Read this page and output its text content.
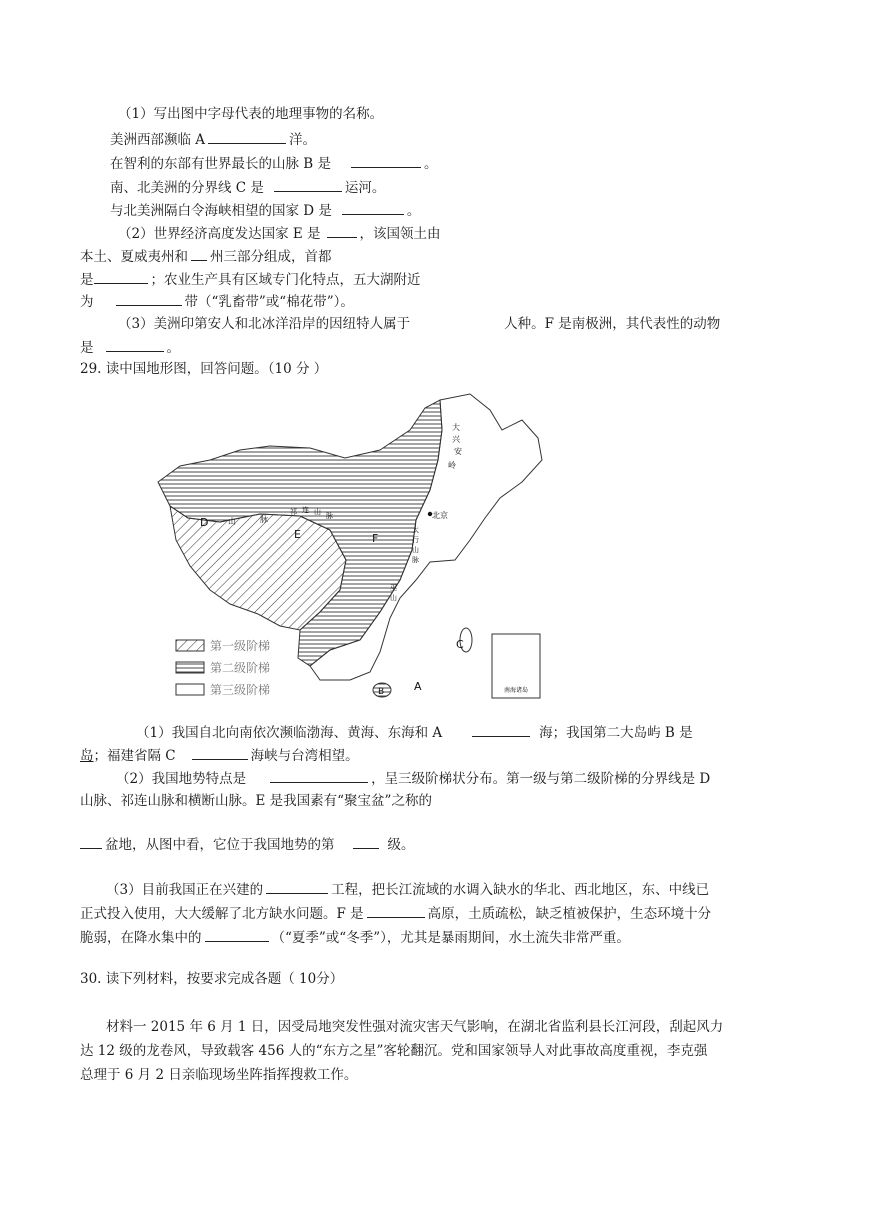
（1）写出图中字母代表的地理事物的名称。
美洲西部濒临 A	洋。
在智利的东部有世界最长的山脉 B 是	。
南、北美洲的分界线 C 是	运河。
与北美洲隔白令海峡相望的国家 D 是	。
（2）世界经济高度发达国家 E 是	，该国领土由
本土、夏威夷州和 州三部分组成，首都
是	；农业生产具有区域专门化特点，五大湖附近
为	带（“乳畜带”或“棉花带”）。
（3）美洲印第安人和北冰洋沿岸的因纽特人属于	人种。F 是南极洲，其代表性的动物
是	。
29. 读中国地形图，回答问题。（10 分 ）
南海诸岛
D 山	脉
祁 连 山 脉
E	F
大
兴
安
岭
北京
太
行
山
脉
巫
山
C
B	A
第一级阶梯
第二级阶梯
第三级阶梯
（1）我国自北向南依次濒临渤海、黄海、东海和 A	海；我国第二大岛屿 B 是
岛；福建省隔 C	海峡与台湾相望。
（2）我国地势特点是	，呈三级阶梯状分布。第一级与第二级阶梯的分界线是 D
山脉、祁连山脉和横断山脉。E 是我国素有“聚宝盆”之称的
盆地，从图中看，它位于我国地势的第	级。
（3）目前我国正在兴建的	工程，把长江流域的水调入缺水的华北、西北地区，东、中线已
正式投入使用，大大缓解了北方缺水问题。F 是	高原，土质疏松，缺乏植被保护，生态环境十分
脆弱，在降水集中的	（“夏季”或“冬季”），尤其是暴雨期间，水土流失非常严重。
30. 读下列材料，按要求完成各题（ 10分）
材料一 2015 年 6 月 1 日，因受局地突发性强对流灾害天气影响，在湖北省监利县长江河段，刮起风力
达 12 级的龙卷风，导致载客 456 人的“东方之星”客轮翻沉。党和国家领导人对此事故高度重视，李克强
总理于 6 月 2 日亲临现场坐阵指挥搜救工作。
